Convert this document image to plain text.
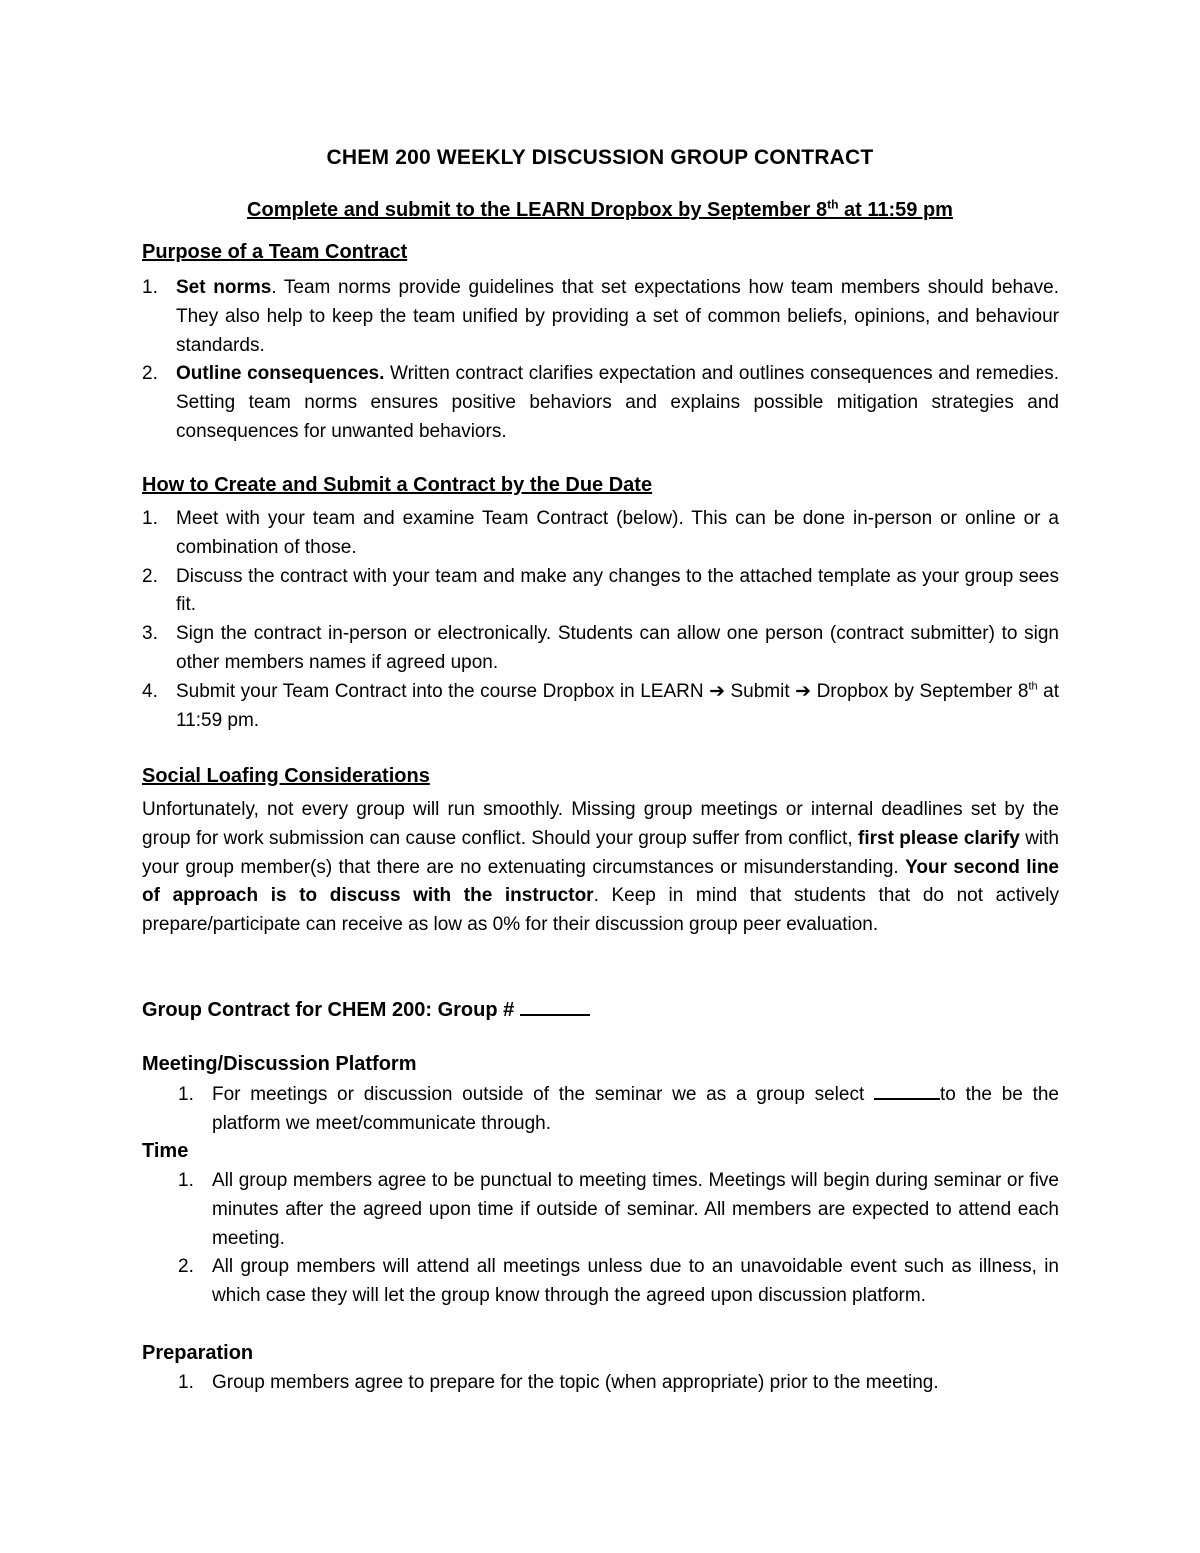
CHEM 200 WEEKLY DISCUSSION GROUP CONTRACT
Complete and submit to the LEARN Dropbox by September 8th at 11:59 pm
Purpose of a Team Contract
1. Set norms. Team norms provide guidelines that set expectations how team members should behave. They also help to keep the team unified by providing a set of common beliefs, opinions, and behaviour standards.
2. Outline consequences. Written contract clarifies expectation and outlines consequences and remedies. Setting team norms ensures positive behaviors and explains possible mitigation strategies and consequences for unwanted behaviors.
How to Create and Submit a Contract by the Due Date
1. Meet with your team and examine Team Contract (below). This can be done in-person or online or a combination of those.
2. Discuss the contract with your team and make any changes to the attached template as your group sees fit.
3. Sign the contract in-person or electronically. Students can allow one person (contract submitter) to sign other members names if agreed upon.
4. Submit your Team Contract into the course Dropbox in LEARN ➔ Submit ➔ Dropbox by September 8th at 11:59 pm.
Social Loafing Considerations

Unfortunately, not every group will run smoothly. Missing group meetings or internal deadlines set by the group for work submission can cause conflict. Should your group suffer from conflict, first please clarify with your group member(s) that there are no extenuating circumstances or misunderstanding. Your second line of approach is to discuss with the instructor. Keep in mind that students that do not actively prepare/participate can receive as low as 0% for their discussion group peer evaluation.

Group Contract for CHEM 200: Group #
Meeting/Discussion Platform
1. For meetings or discussion outside of the seminar we as a group select	to the be the platform we meet/communicate through.
Time
1. All group members agree to be punctual to meeting times. Meetings will begin during seminar or five minutes after the agreed upon time if outside of seminar. All members are expected to attend each meeting.
2. All group members will attend all meetings unless due to an unavoidable event such as illness, in which case they will let the group know through the agreed upon discussion platform.
Preparation
1. Group members agree to prepare for the topic (when appropriate) prior to the meeting.
